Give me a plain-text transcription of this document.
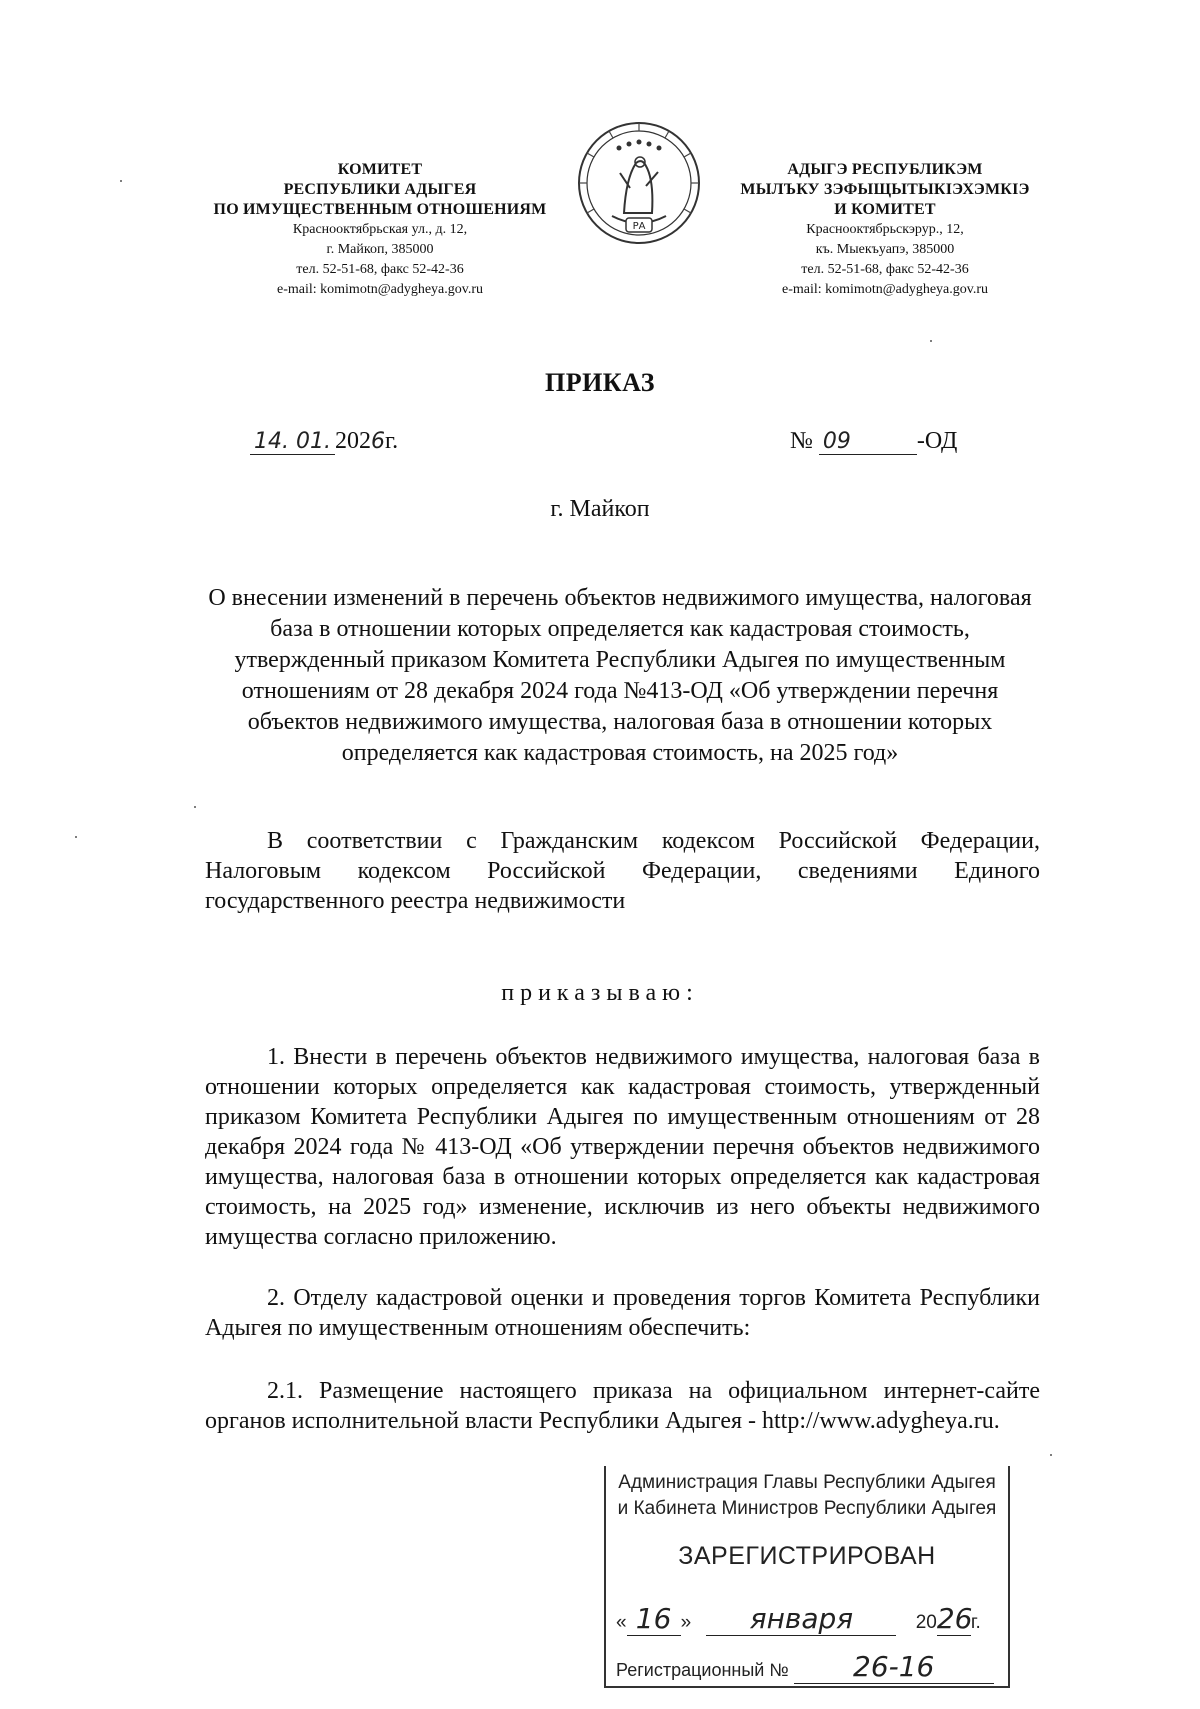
КОМИТЕТ
РЕСПУБЛИКИ АДЫГЕЯ
ПО ИМУЩЕСТВЕННЫМ ОТНОШЕНИЯМ
Краснооктябрьская ул., д. 12,
г. Майкоп, 385000
тел. 52-51-68, факс 52-42-36
e-mail: komimotn@adygheya.gov.ru
РА
АДЫГЭ РЕСПУБЛИКЭМ
МЫЛЪКУ ЗЭФЫЩЫТЫКIЭХЭМКIЭ
И КОМИТЕТ
Краснооктябрьскэрур., 12,
къ. Мыекъуапэ, 385000
тел. 52-51-68, факс 52-42-36
e-mail: komimotn@adygheya.gov.ru
ПРИКАЗ
14. 01. 2026г.	№ 09	-ОД
г. Майкоп
О внесении изменений в перечень объектов недвижимого имущества, налоговая база в отношении которых определяется как кадастровая стоимость, утвержденный приказом Комитета Республики Адыгея по имущественным отношениям от 28 декабря 2024 года №413-ОД «Об утверждении перечня объектов недвижимого имущества, налоговая база в отношении которых определяется как кадастровая стоимость, на 2025 год»
В соответствии с Гражданским кодексом Российской Федерации, Налоговым кодексом Российской Федерации, сведениями Единого государственного реестра недвижимости
приказываю:
1. Внести в перечень объектов недвижимого имущества, налоговая база в отношении которых определяется как кадастровая стоимость, утвержденный приказом Комитета Республики Адыгея по имущественным отношениям от 28 декабря 2024 года № 413-ОД «Об утверждении перечня объектов недвижимого имущества, налоговая база в отношении которых определяется как кадастровая стоимость, на 2025 год» изменение, исключив из него объекты недвижимого имущества согласно приложению.
2. Отделу кадастровой оценки и проведения торгов Комитета Республики Адыгея по имущественным отношениям обеспечить:
2.1. Размещение настоящего приказа на официальном интернет-сайте органов исполнительной власти Республики Адыгея - http://www.adygheya.ru.
Администрация Главы Республики Адыгея
и Кабинета Министров Республики Адыгея
ЗАРЕГИСТРИРОВАН
« 16 » января	2026г.
Регистрационный № 26-16
